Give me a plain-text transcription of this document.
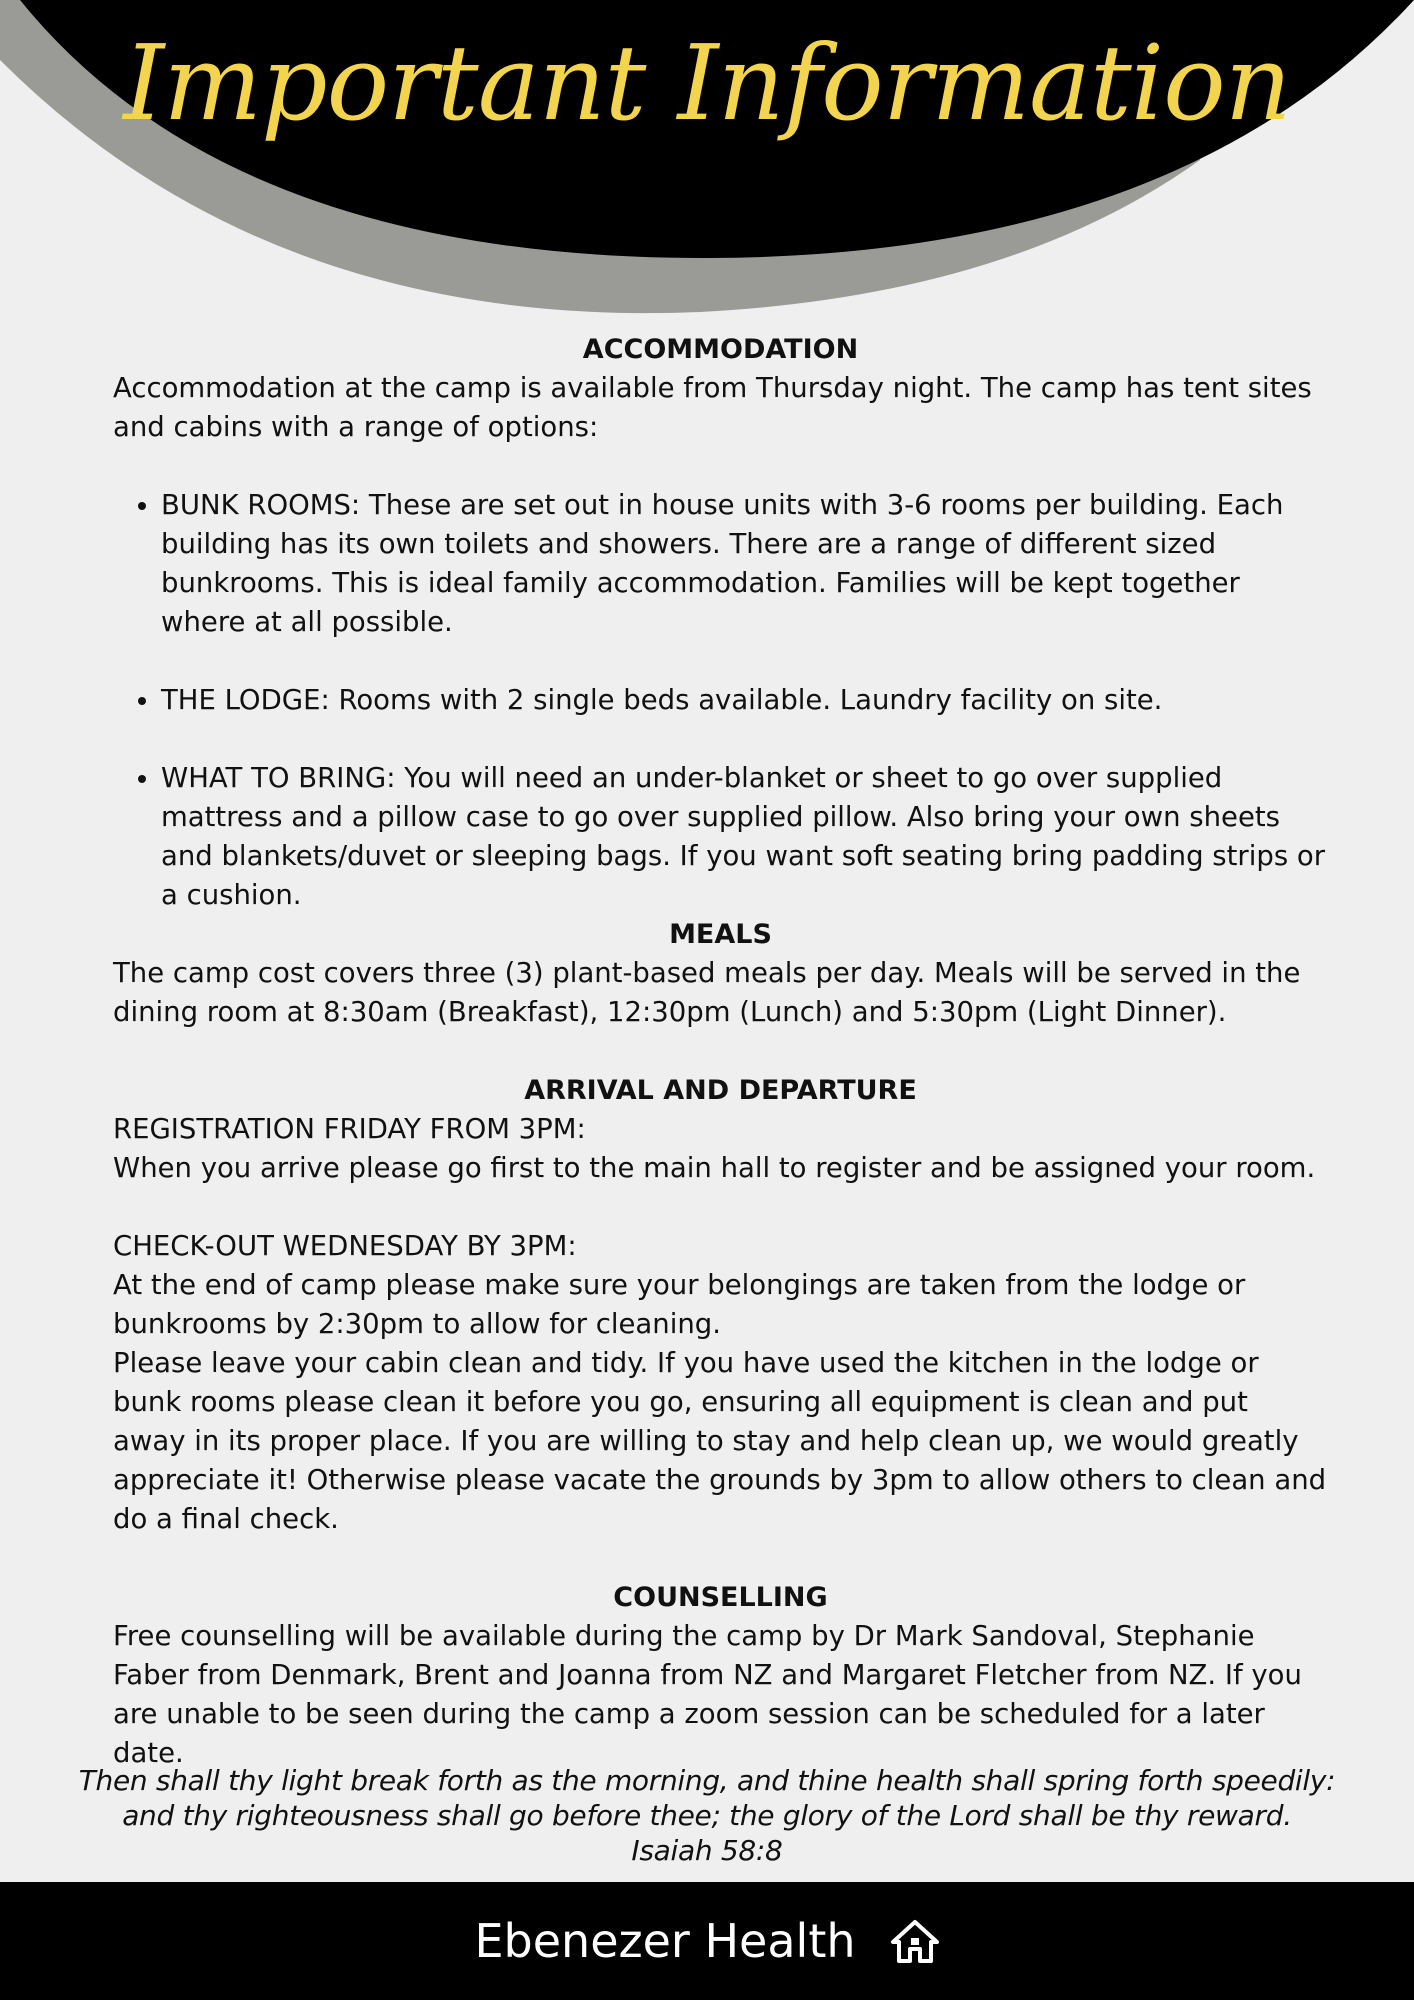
Important Information

ACCOMMODATION

Accommodation at the camp is available from Thursday night. The camp has tent sites and cabins with a range of options:

• BUNK ROOMS: These are set out in house units with 3-6 rooms per building. Each building has its own toilets and showers. There are a range of different sized bunkrooms. This is ideal family accommodation. Families will be kept together where at all possible.
• THE LODGE: Rooms with 2 single beds available. Laundry facility on site.
• WHAT TO BRING: You will need an under-blanket or sheet to go over supplied mattress and a pillow case to go over supplied pillow. Also bring your own sheets and blankets/duvet or sleeping bags. If you want soft seating bring padding strips or a cushion.

MEALS

The camp cost covers three (3) plant-based meals per day. Meals will be served in the dining room at 8:30am (Breakfast), 12:30pm (Lunch) and 5:30pm (Light Dinner).

ARRIVAL AND DEPARTURE

REGISTRATION FRIDAY FROM 3PM:

When you arrive please go first to the main hall to register and be assigned your room.

CHECK-OUT WEDNESDAY BY 3PM:

At the end of camp please make sure your belongings are taken from the lodge or bunkrooms by 2:30pm to allow for cleaning.

Please leave your cabin clean and tidy. If you have used the kitchen in the lodge or bunk rooms please clean it before you go, ensuring all equipment is clean and put away in its proper place. If you are willing to stay and help clean up, we would greatly appreciate it! Otherwise please vacate the grounds by 3pm to allow others to clean and do a final check.

COUNSELLING

Free counselling will be available during the camp by Dr Mark Sandoval, Stephanie Faber from Denmark, Brent and Joanna from NZ and Margaret Fletcher from NZ. If you are unable to be seen during the camp a zoom session can be scheduled for a later date.

Then shall thy light break forth as the morning, and thine health shall spring forth speedily:
and thy righteousness shall go before thee; the glory of the Lord shall be thy reward.
Isaiah 58:8
Ebenezer Health
